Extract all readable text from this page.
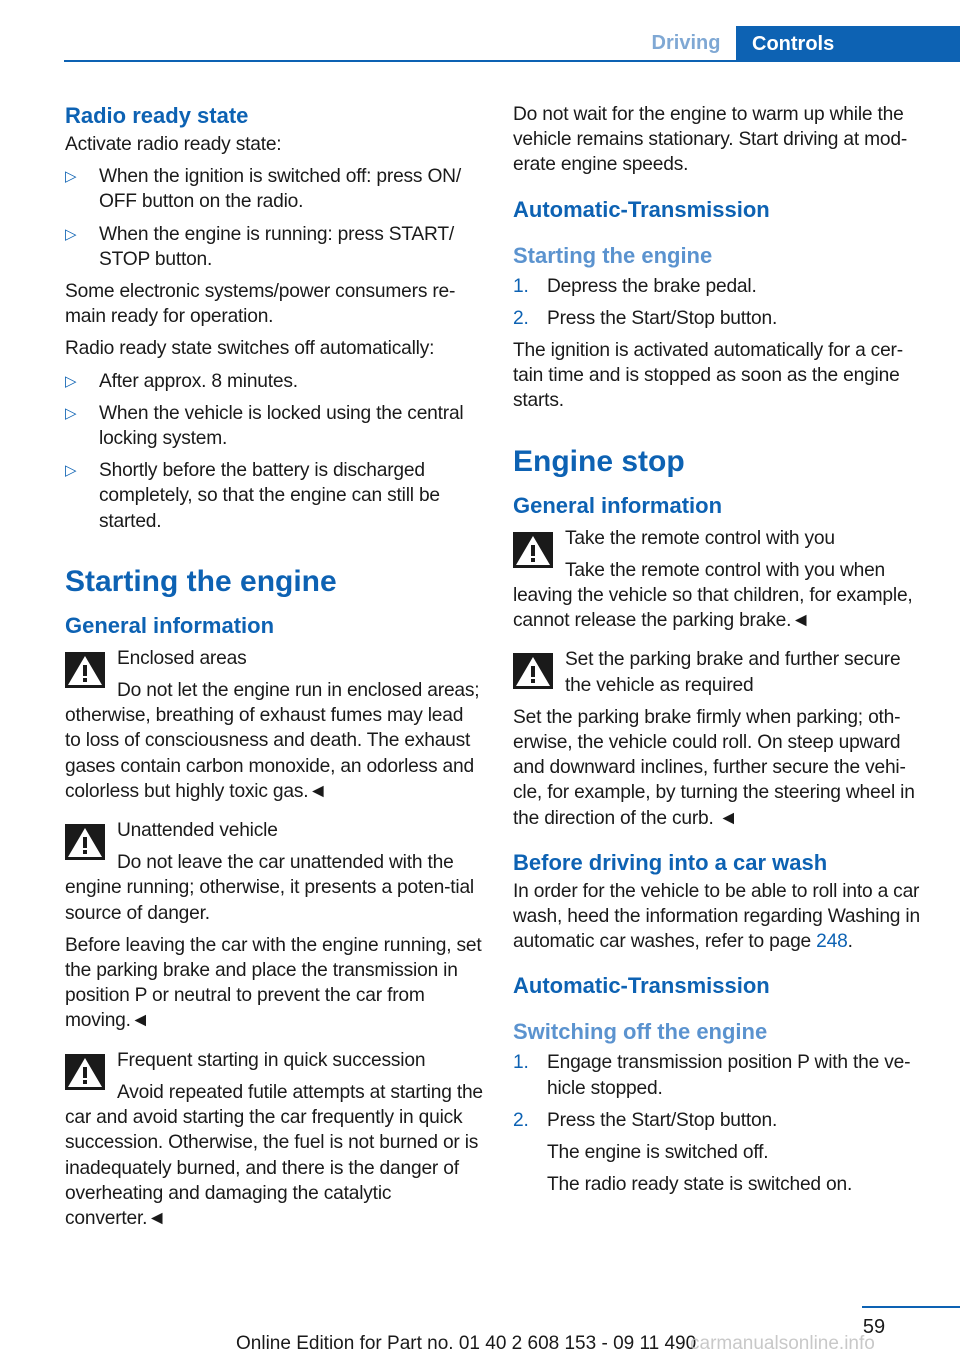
Driving	Controls
Radio ready state
Activate radio ready state:
▷ When the ignition is switched off: press ON/ OFF button on the radio.
▷ When the engine is running: press START/ STOP button.
Some electronic systems/power consumers re-main ready for operation.
Radio ready state switches off automatically:
▷ After approx. 8 minutes.
▷ When the vehicle is locked using the central locking system.
▷ Shortly before the battery is discharged completely, so that the engine can still be started.
Starting the engine
General information
Enclosed areas
Do not let the engine run in enclosed areas; otherwise, breathing of exhaust fumes may lead to loss of consciousness and death. The exhaust gases contain carbon monoxide, an odorless and colorless but highly toxic gas.◄
Unattended vehicle
Do not leave the car unattended with the engine running; otherwise, it presents a poten-tial source of danger.
Before leaving the car with the engine running, set the parking brake and place the transmission in position P or neutral to prevent the car from moving.◄
Frequent starting in quick succession
Avoid repeated futile attempts at starting the car and avoid starting the car frequently in quick succession. Otherwise, the fuel is not burned or is inadequately burned, and there is the danger of overheating and damaging the catalytic converter.◄
Do not wait for the engine to warm up while the vehicle remains stationary. Start driving at mod-erate engine speeds.
Automatic-Transmission
Starting the engine
1. Depress the brake pedal.
2. Press the Start/Stop button.
The ignition is activated automatically for a cer-tain time and is stopped as soon as the engine starts.
Engine stop
General information
Take the remote control with you
Take the remote control with you when leaving the vehicle so that children, for example, cannot release the parking brake.◄
Set the parking brake and further secure the vehicle as required
Set the parking brake firmly when parking; oth-erwise, the vehicle could roll. On steep upward and downward inclines, further secure the vehi-cle, for example, by turning the steering wheel in the direction of the curb. ◄
Before driving into a car wash
In order for the vehicle to be able to roll into a car wash, heed the information regarding Washing in automatic car washes, refer to page 248.
Automatic-Transmission
Switching off the engine
1. Engage transmission position P with the ve-hicle stopped.
2. Press the Start/Stop button.
The engine is switched off.
The radio ready state is switched on.
59
Online Edition for Part no. 01 40 2 608 153 - 09 11 490
carmanualsonline.info
